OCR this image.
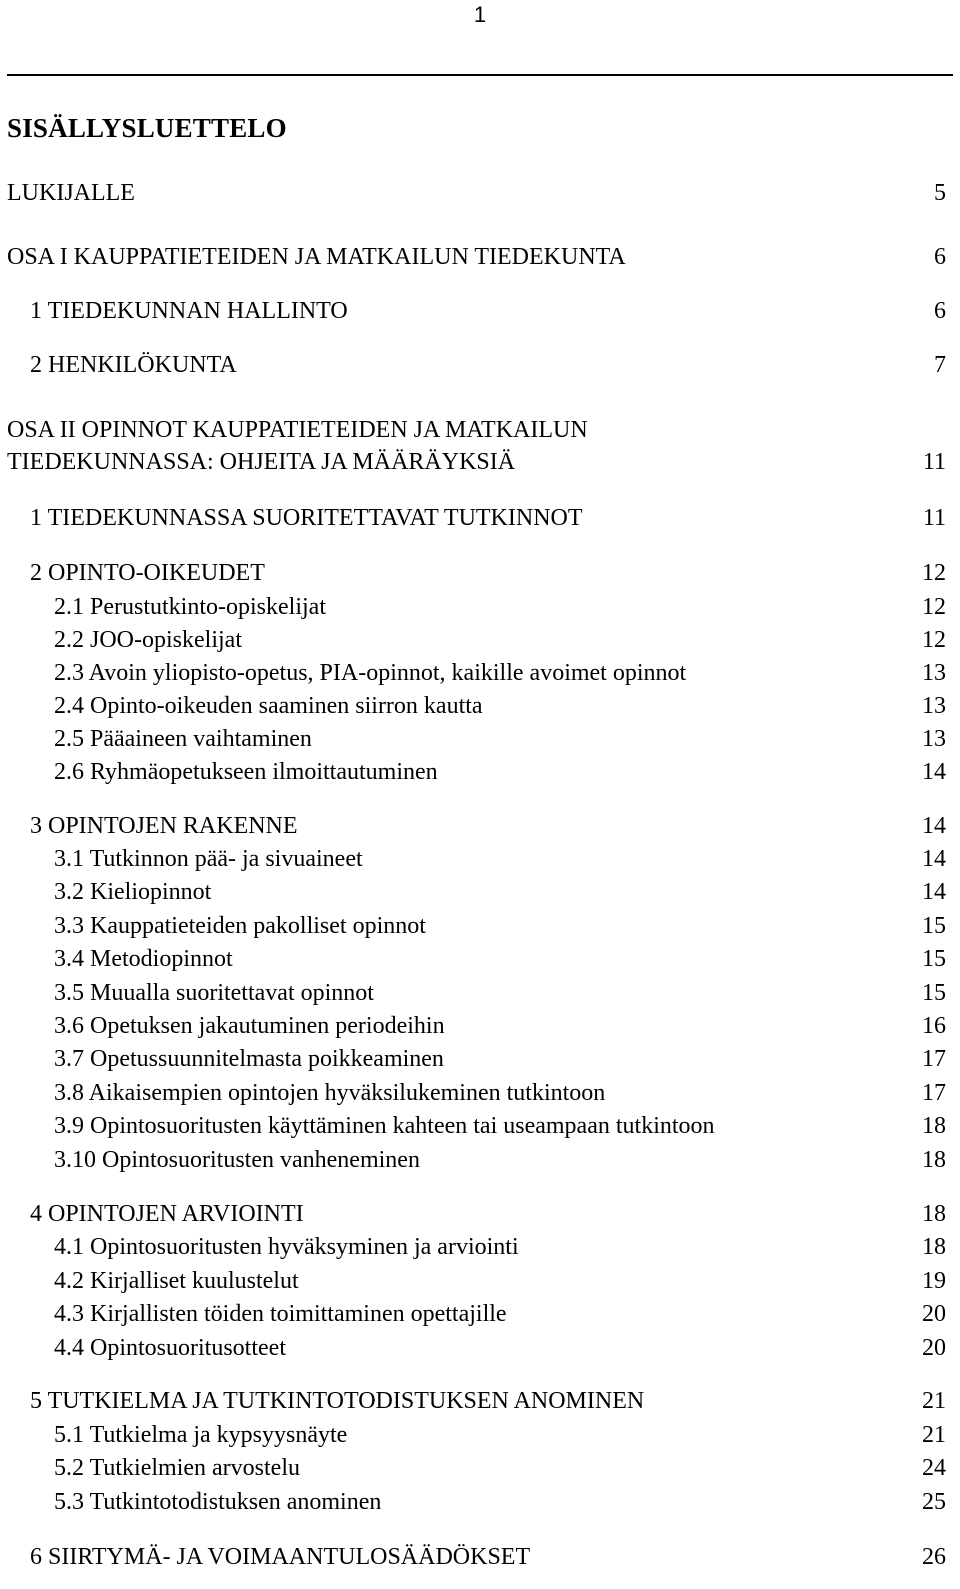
1
SISÄLLYSLUETTELO
LUKIJALLE	5
OSA I KAUPPATIETEIDEN JA MATKAILUN TIEDEKUNTA	6
1 TIEDEKUNNAN HALLINTO	6
2 HENKILÖKUNTA	7
OSA II OPINNOT KAUPPATIETEIDEN JA MATKAILUN
TIEDEKUNNASSA: OHJEITA JA MÄÄRÄYKSIÄ	11
1 TIEDEKUNNASSA SUORITETTAVAT TUTKINNOT	11
2 OPINTO-OIKEUDET	12
2.1 Perustutkinto-opiskelijat	12
2.2 JOO-opiskelijat	12
2.3 Avoin yliopisto-opetus, PIA-opinnot, kaikille avoimet opinnot	13
2.4 Opinto-oikeuden saaminen siirron kautta	13
2.5 Pääaineen vaihtaminen	13
2.6 Ryhmäopetukseen ilmoittautuminen	14
3 OPINTOJEN RAKENNE	14
3.1 Tutkinnon pää- ja sivuaineet	14
3.2 Kieliopinnot	14
3.3 Kauppatieteiden pakolliset opinnot	15
3.4 Metodiopinnot	15
3.5 Muualla suoritettavat opinnot	15
3.6 Opetuksen jakautuminen periodeihin	16
3.7 Opetussuunnitelmasta poikkeaminen	17
3.8 Aikaisempien opintojen hyväksilukeminen tutkintoon	17
3.9 Opintosuoritusten käyttäminen kahteen tai useampaan tutkintoon	18
3.10 Opintosuoritusten vanheneminen	18
4 OPINTOJEN ARVIOINTI	18
4.1 Opintosuoritusten hyväksyminen ja arviointi	18
4.2 Kirjalliset kuulustelut	19
4.3 Kirjallisten töiden toimittaminen opettajille	20
4.4 Opintosuoritusotteet	20
5 TUTKIELMA JA TUTKINTOTODISTUKSEN ANOMINEN	21
5.1 Tutkielma ja kypsyysnäyte	21
5.2 Tutkielmien arvostelu	24
5.3 Tutkintotodistuksen anominen	25
6 SIIRTYMÄ- JA VOIMAANTULOSÄÄDÖKSET	26
